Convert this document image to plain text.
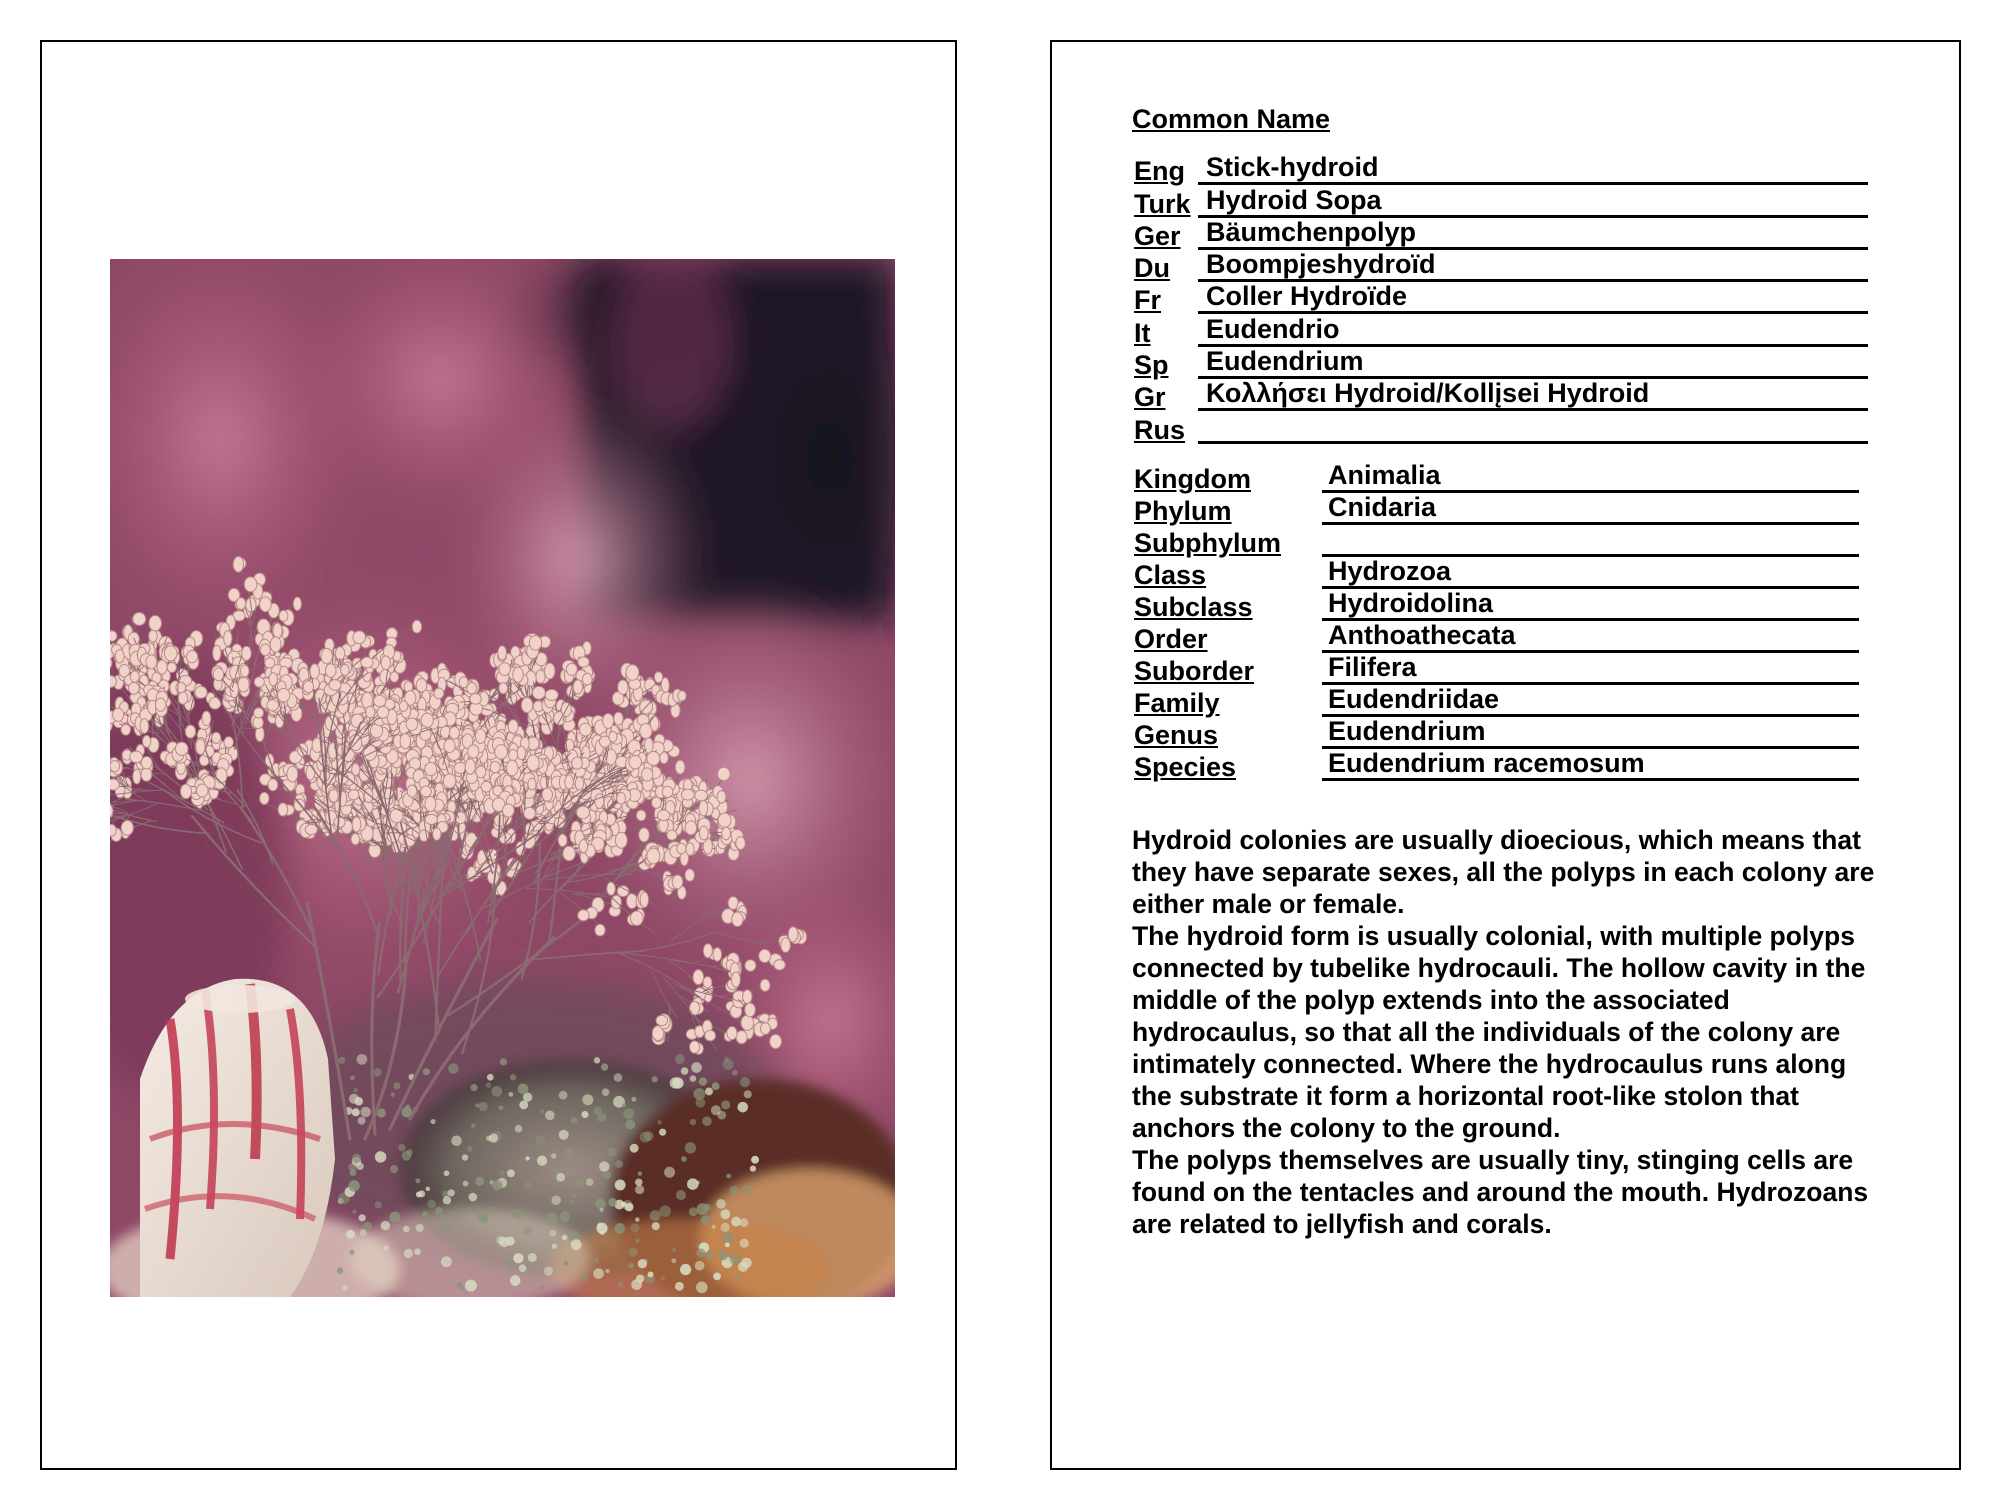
Common Name
Eng Stick-hydroid
Turk Hydroid Sopa
Ger Bäumchenpolyp
Du	Boompjeshydroïd
Fr	Coller Hydroïde
It	Eudendrio
Sp	Eudendrium
Gr	Κολλήσει Hydroid/Kollįsei Hydroid
Rus
Kingdom	Animalia
Phylum	Cnidaria
Subphylum
Class	Hydrozoa
Subclass	Hydroidolina
Order	Anthoathecata
Suborder	Filifera
Family	Eudendriidae
Genus	Eudendrium
Species	Eudendrium racemosum

Hydroid colonies are usually dioecious, which means that they have separate sexes, all the polyps in each colony are either male or female.

The hydroid form is usually colonial, with multiple polyps connected by tubelike hydrocauli. The hollow cavity in the middle of the polyp extends into the associated hydrocaulus, so that all the individuals of the colony are intimately connected. Where the hydrocaulus runs along the substrate it form a horizontal root-like stolon that anchors the colony to the ground.

The polyps themselves are usually tiny, stinging cells are found on the tentacles and around the mouth. Hydrozoans are related to jellyfish and corals.
